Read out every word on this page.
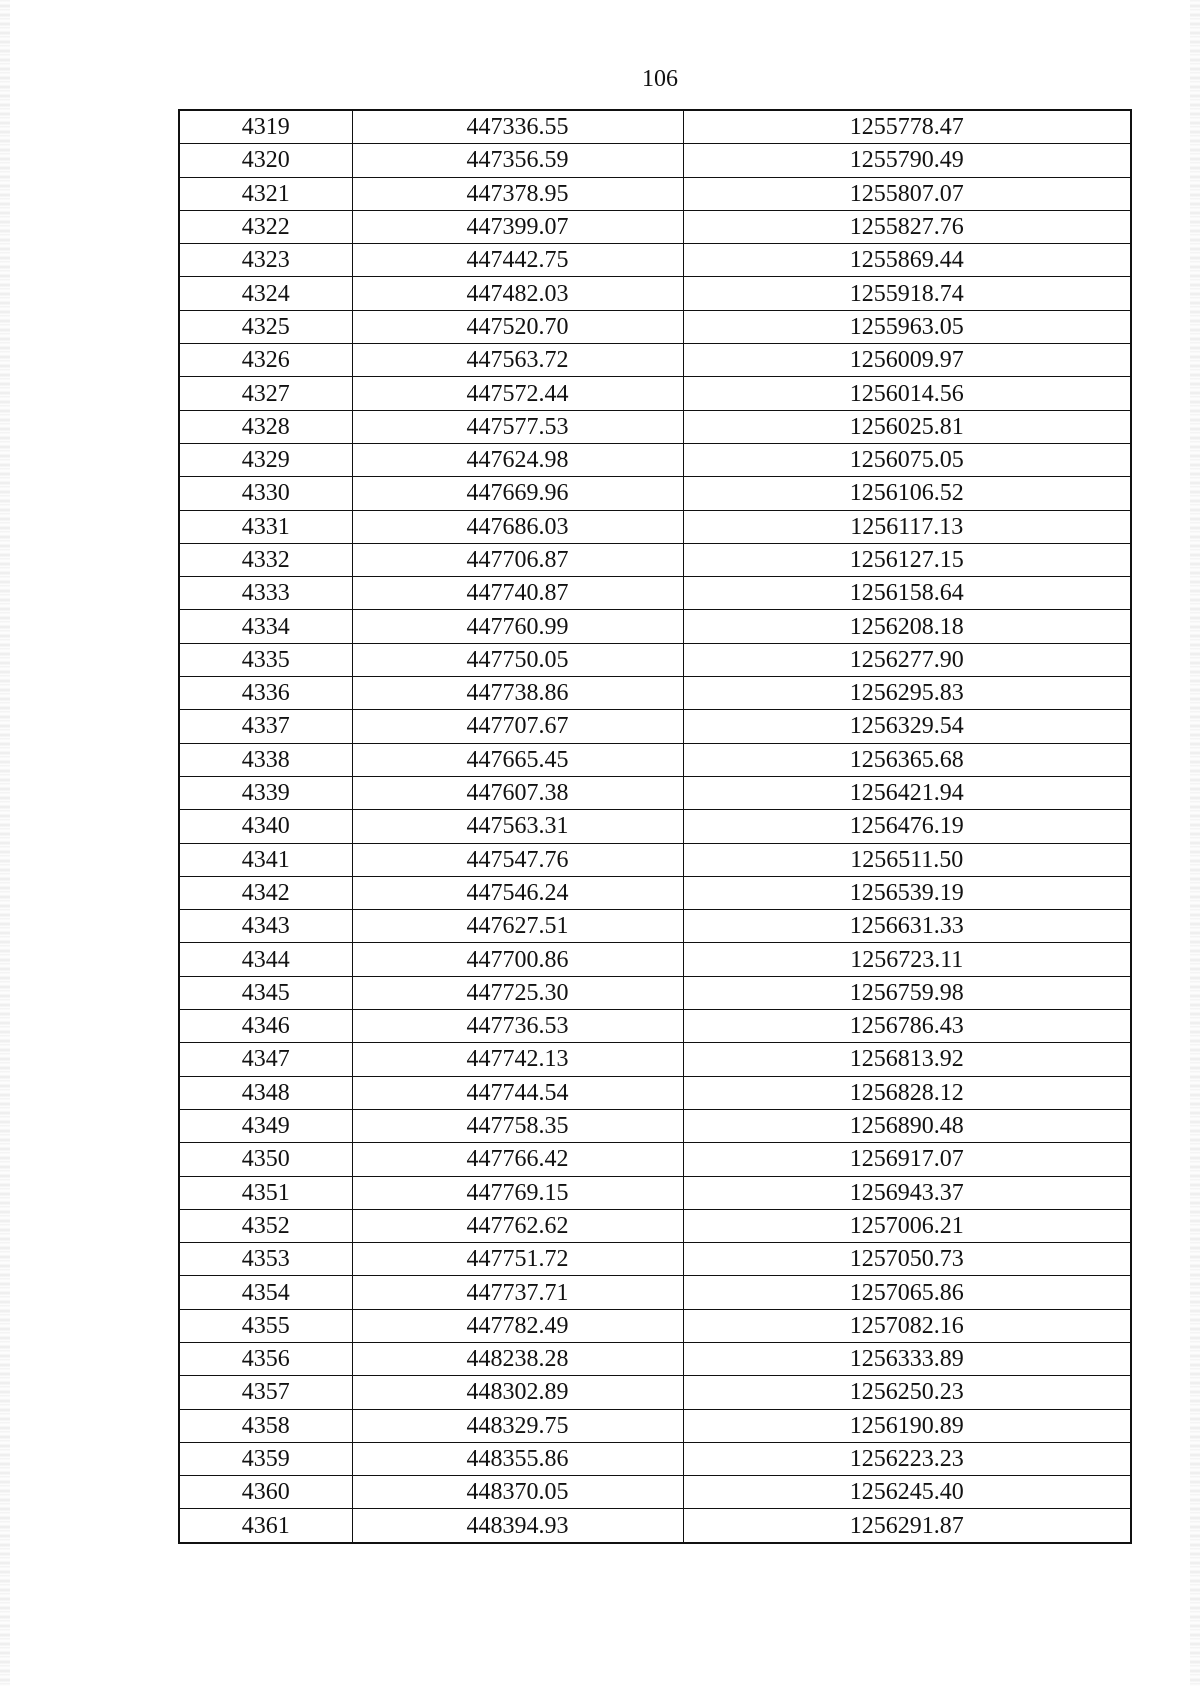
106
4319	447336.55	1255778.47
4320	447356.59	1255790.49
4321	447378.95	1255807.07
4322	447399.07	1255827.76
4323	447442.75	1255869.44
4324	447482.03	1255918.74
4325	447520.70	1255963.05
4326	447563.72	1256009.97
4327	447572.44	1256014.56
4328	447577.53	1256025.81
4329	447624.98	1256075.05
4330	447669.96	1256106.52
4331	447686.03	1256117.13
4332	447706.87	1256127.15
4333	447740.87	1256158.64
4334	447760.99	1256208.18
4335	447750.05	1256277.90
4336	447738.86	1256295.83
4337	447707.67	1256329.54
4338	447665.45	1256365.68
4339	447607.38	1256421.94
4340	447563.31	1256476.19
4341	447547.76	1256511.50
4342	447546.24	1256539.19
4343	447627.51	1256631.33
4344	447700.86	1256723.11
4345	447725.30	1256759.98
4346	447736.53	1256786.43
4347	447742.13	1256813.92
4348	447744.54	1256828.12
4349	447758.35	1256890.48
4350	447766.42	1256917.07
4351	447769.15	1256943.37
4352	447762.62	1257006.21
4353	447751.72	1257050.73
4354	447737.71	1257065.86
4355	447782.49	1257082.16
4356	448238.28	1256333.89
4357	448302.89	1256250.23
4358	448329.75	1256190.89
4359	448355.86	1256223.23
4360	448370.05	1256245.40
4361	448394.93	1256291.87
